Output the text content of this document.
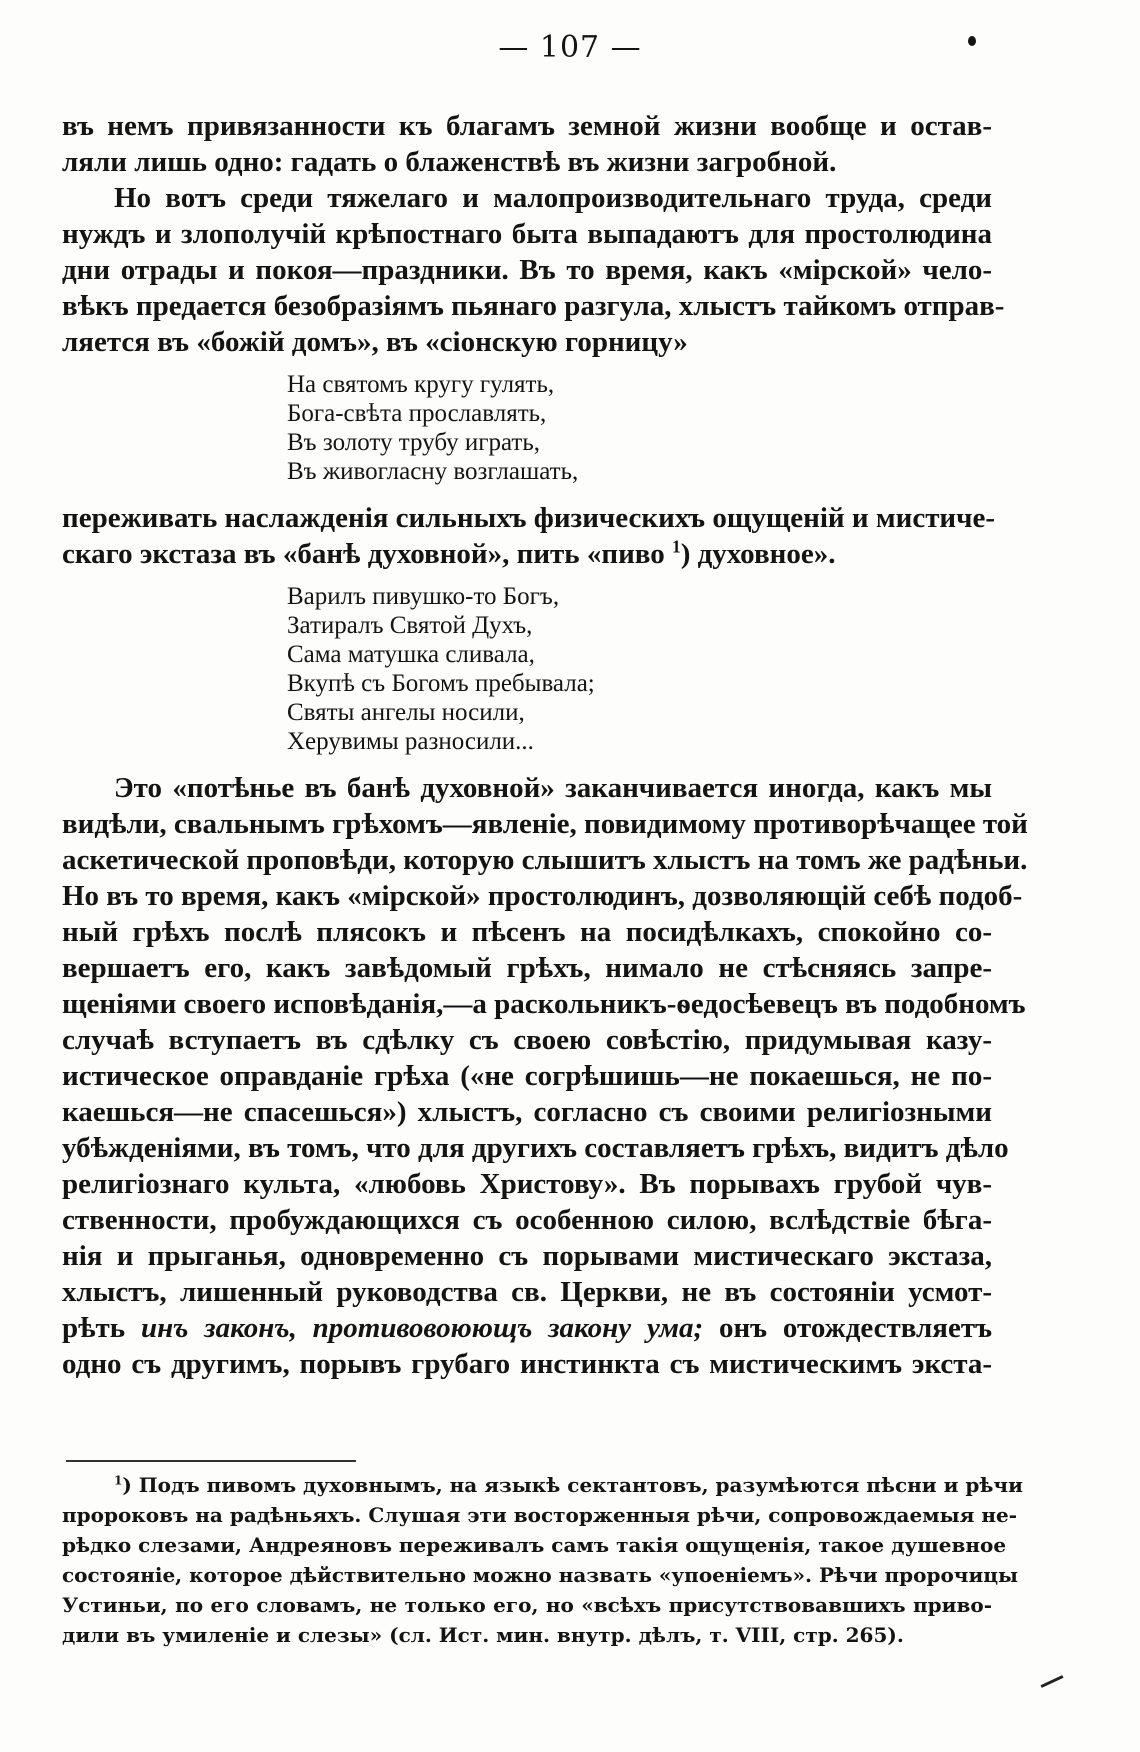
— 107 —
въ немъ привязанности къ благамъ земной жизни вообще и остав-
ляли лишь одно: гадать о блаженствѣ въ жизни загробной.
Но вотъ среди тяжелаго и малопроизводительнаго труда, среди
нуждъ и злополучій крѣпостнаго быта выпадаютъ для простолюдина
дни отрады и покоя—праздники. Въ то время, какъ «мірской» чело-
вѣкъ предается безобразіямъ пьянаго разгула, хлыстъ тайкомъ отправ-
ляется въ «божій домъ», въ «сіонскую горницу»
На святомъ кругу гулять,
Бога-свѣта прославлять,
Въ золоту трубу играть,
Въ живогласну возглашать,
переживать наслажденія сильныхъ физическихъ ощущеній и мистиче-
скаго экстаза въ «банѣ духовной», пить «пиво $^1$) духовное».
Варилъ пивушко-то Богъ,
Затиралъ Святой Духъ,
Сама матушка сливала,
Вкупѣ съ Богомъ пребывала;
Святы ангелы носили,
Херувимы разносили...
Это «потѣнье въ банѣ духовной» заканчивается иногда, какъ мы
видѣли, свальнымъ грѣхомъ—явленіе, повидимому противорѣчащее той
аскетической проповѣди, которую слышитъ хлыстъ на томъ же радѣньи.
Но въ то время, какъ «мірской» простолюдинъ, дозволяющій себѣ подоб-
ный грѣхъ послѣ плясокъ и пѣсенъ на посидѣлкахъ, спокойно со-
вершаетъ его, какъ завѣдомый грѣхъ, нимало не стѣсняясь запре-
щеніями своего исповѣданія,—а раскольникъ-ѳедосѣевецъ въ подобномъ
случаѣ вступаетъ въ сдѣлку съ своею совѣстію, придумывая казу-
истическое оправданіе грѣха («не согрѣшишь—не покаешься, не по-
каешься—не спасешься») хлыстъ, согласно съ своими религіозными
убѣжденіями, въ томъ, что для другихъ составляетъ грѣхъ, видитъ дѣло
религіознаго культа, «любовь Христову». Въ порывахъ грубой чув-
ственности, пробуждающихся съ особенною силою, вслѣдствіе бѣга-
нія и прыганья, одновременно съ порывами мистическаго экстаза,
хлыстъ, лишенный руководства св. Церкви, не въ состояніи усмот-
рѣть инъ законъ, противовоюющъ закону ума; онъ отождествляетъ
одно съ другимъ, порывъ грубаго инстинкта съ мистическимъ экста-
$^1$) Подъ пивомъ духовнымъ, на языкѣ сектантовъ, разумѣются пѣсни и рѣчи
пророковъ на радѣньяхъ. Слушая эти восторженныя рѣчи, сопровождаемыя не-
рѣдко слезами, Андреяновъ переживалъ самъ такія ощущенія, такое душевное
состояніе, которое дѣйствительно можно назвать «упоеніемъ». Рѣчи пророчицы
Устиньи, по его словамъ, не только его, но «всѣхъ присутствовавшихъ приво-
дили въ умиленіе и слезы» (сл. Ист. мин. внутр. дѣлъ, т. VIII, стр. 265).
